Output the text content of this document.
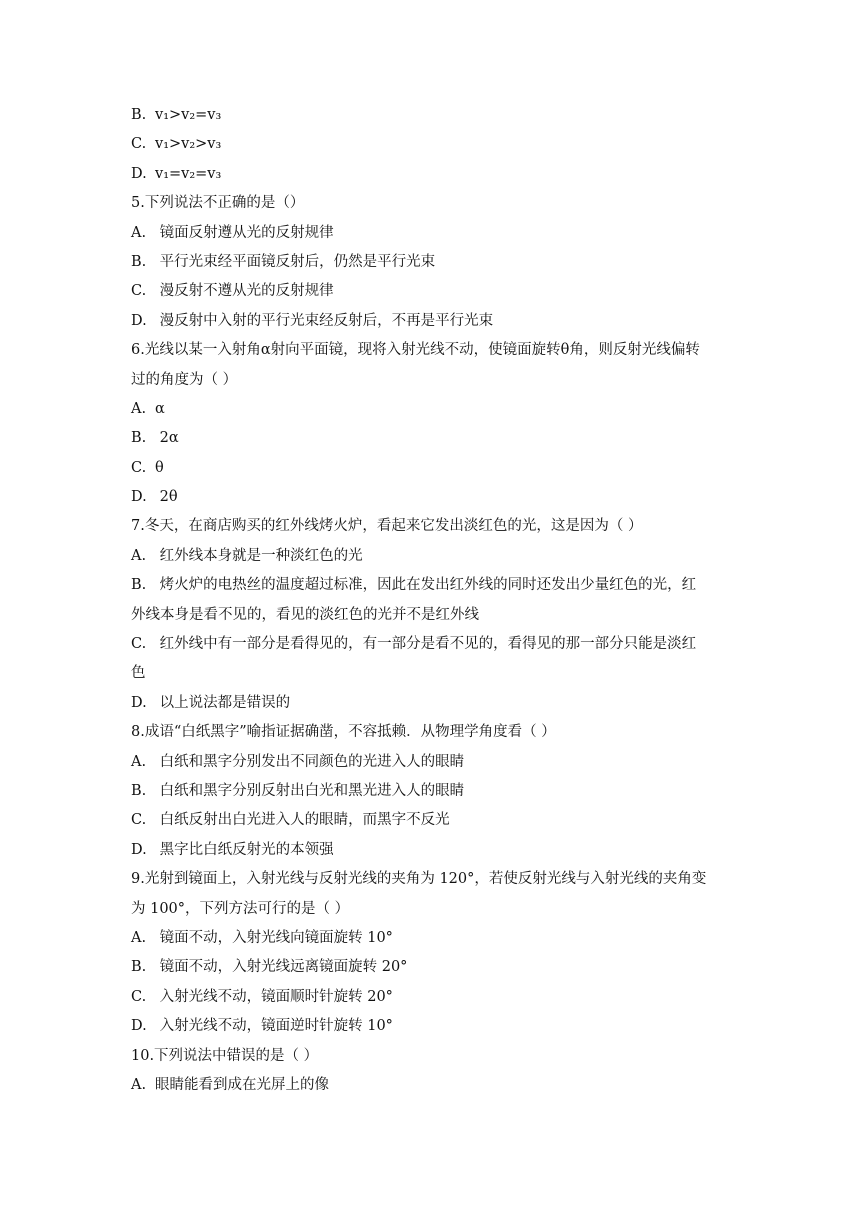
B. v₁>v₂=v₃
C. v₁>v₂>v₃
D. v₁=v₂=v₃
5.下列说法不正确的是（）
A. 镜面反射遵从光的反射规律
B. 平行光束经平面镜反射后，仍然是平行光束
C. 漫反射不遵从光的反射规律
D. 漫反射中入射的平行光束经反射后，不再是平行光束
6.光线以某一入射角α射向平面镜，现将入射光线不动，使镜面旋转θ角，则反射光线偏转
过的角度为（ ）
A. α
B. 2α
C. θ
D. 2θ
7.冬天，在商店购买的红外线烤火炉，看起来它发出淡红色的光，这是因为（ ）
A. 红外线本身就是一种淡红色的光
B. 烤火炉的电热丝的温度超过标准，因此在发出红外线的同时还发出少量红色的光，红
外线本身是看不见的，看见的淡红色的光并不是红外线
C. 红外线中有一部分是看得见的，有一部分是看不见的，看得见的那一部分只能是淡红
色
D. 以上说法都是错误的
8.成语“白纸黑字”喻指证据确凿，不容抵赖．从物理学角度看（ ）
A. 白纸和黑字分别发出不同颜色的光进入人的眼睛
B. 白纸和黑字分别反射出白光和黑光进入人的眼睛
C. 白纸反射出白光进入人的眼睛，而黑字不反光
D. 黑字比白纸反射光的本领强
9.光射到镜面上，入射光线与反射光线的夹角为 120°，若使反射光线与入射光线的夹角变
为 100°，下列方法可行的是（ ）
A. 镜面不动，入射光线向镜面旋转 10°
B. 镜面不动，入射光线远离镜面旋转 20°
C. 入射光线不动，镜面顺时针旋转 20°
D. 入射光线不动，镜面逆时针旋转 10°
10.下列说法中错误的是（ ）
A. 眼睛能看到成在光屏上的像
